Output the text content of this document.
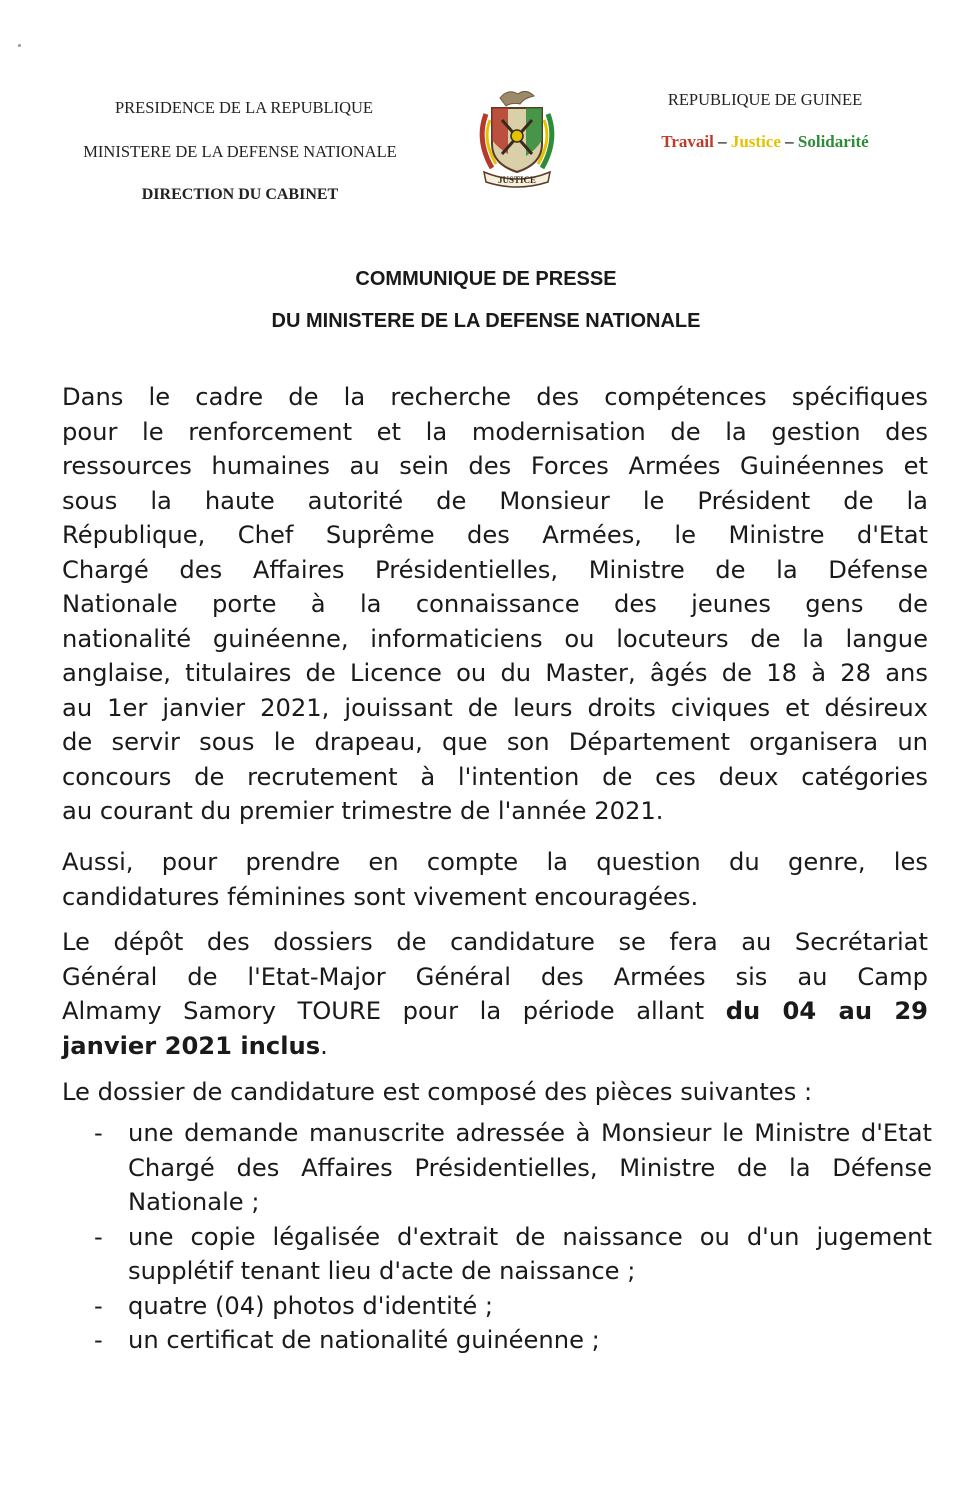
PRESIDENCE DE LA REPUBLIQUE
MINISTERE DE LA DEFENSE NATIONALE
DIRECTION DU CABINET
JUSTICE
REPUBLIQUE DE GUINEE
Travail – Justice – Solidarité
COMMUNIQUE DE PRESSE
DU MINISTERE DE LA DEFENSE NATIONALE
Dans le cadre de la recherche des compétences spécifiques
pour le renforcement et la modernisation de la gestion des
ressources humaines au sein des Forces Armées Guinéennes et
sous la haute autorité de Monsieur le Président de la
République, Chef Suprême des Armées, le Ministre d'Etat
Chargé des Affaires Présidentielles, Ministre de la Défense
Nationale porte à la connaissance des jeunes gens de
nationalité guinéenne, informaticiens ou locuteurs de la langue
anglaise, titulaires de Licence ou du Master, âgés de 18 à 28 ans
au 1er janvier 2021, jouissant de leurs droits civiques et désireux
de servir sous le drapeau, que son Département organisera un
concours de recrutement à l'intention de ces deux catégories
au courant du premier trimestre de l'année 2021.
Aussi, pour prendre en compte la question du genre, les
candidatures féminines sont vivement encouragées.
Le dépôt des dossiers de candidature se fera au Secrétariat
Général de l'Etat-Major Général des Armées sis au Camp
Almamy Samory TOURE pour la période allant du 04 au 29
janvier 2021 inclus.
Le dossier de candidature est composé des pièces suivantes :
- une demande manuscrite adressée à Monsieur le Ministre d'Etat Chargé des Affaires Présidentielles, Ministre de la Défense Nationale ;
- une copie légalisée d'extrait de naissance ou d'un jugement supplétif tenant lieu d'acte de naissance ;
- quatre (04) photos d'identité ;
- un certificat de nationalité guinéenne ;
